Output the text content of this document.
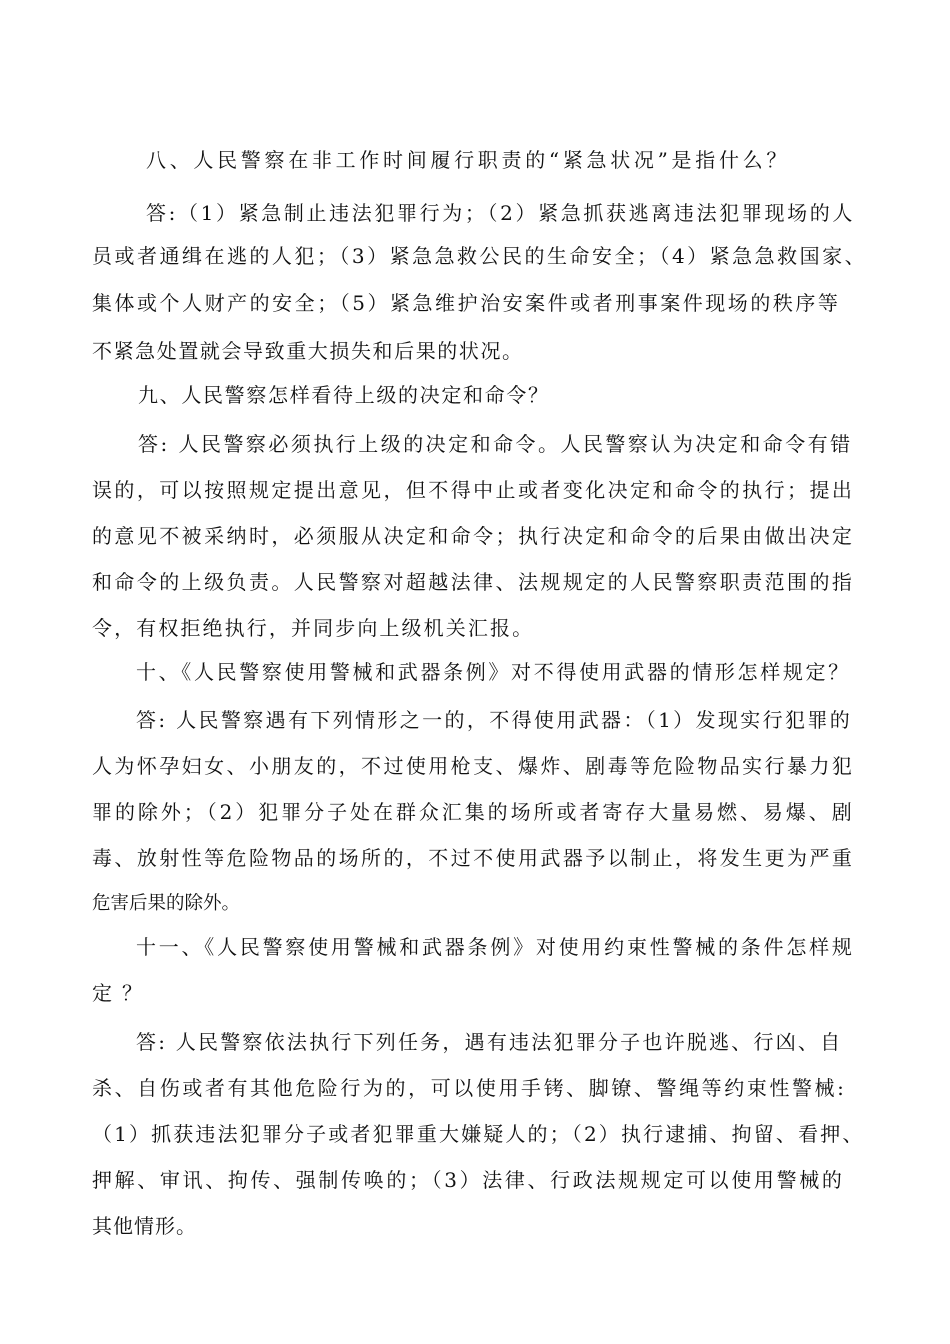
八、人民警察在非工作时间履行职责的“紧急状况”是指什么？
答:（1）紧急制止违法犯罪行为；（2）紧急抓获逃离违法犯罪现场的人
员或者通缉在逃的人犯；（3）紧急急救公民的生命安全；（4）紧急急救国家、
集体或个人财产的安全；（5）紧急维护治安案件或者刑事案件现场的秩序等
不紧急处置就会导致重大损失和后果的状况。
九、人民警察怎样看待上级的决定和命令？
答: 人民警察必须执行上级的决定和命令。人民警察认为决定和命令有错
误的，可以按照规定提出意见，但不得中止或者变化决定和命令的执行；提出
的意见不被采纳时，必须服从决定和命令；执行决定和命令的后果由做出决定
和命令的上级负责。人民警察对超越法律、法规规定的人民警察职责范围的指
令，有权拒绝执行，并同步向上级机关汇报。
十、《人民警察使用警械和武器条例》对不得使用武器的情形怎样规定？
答: 人民警察遇有下列情形之一的，不得使用武器：（1）发现实行犯罪的
人为怀孕妇女、小朋友的，不过使用枪支、爆炸、剧毒等危险物品实行暴力犯
罪的除外；（2）犯罪分子处在群众汇集的场所或者寄存大量易燃、易爆、剧
毒、放射性等危险物品的场所的，不过不使用武器予以制止，将发生更为严重
危害后果的除外。
十一、《人民警察使用警械和武器条例》对使用约束性警械的条件怎样规
定？
答: 人民警察依法执行下列任务，遇有违法犯罪分子也许脱逃、行凶、自
杀、自伤或者有其他危险行为的，可以使用手铐、脚镣、警绳等约束性警械:
（1）抓获违法犯罪分子或者犯罪重大嫌疑人的；（2）执行逮捕、拘留、看押、
押解、审讯、拘传、强制传唤的；（3）法律、行政法规规定可以使用警械的
其他情形。
